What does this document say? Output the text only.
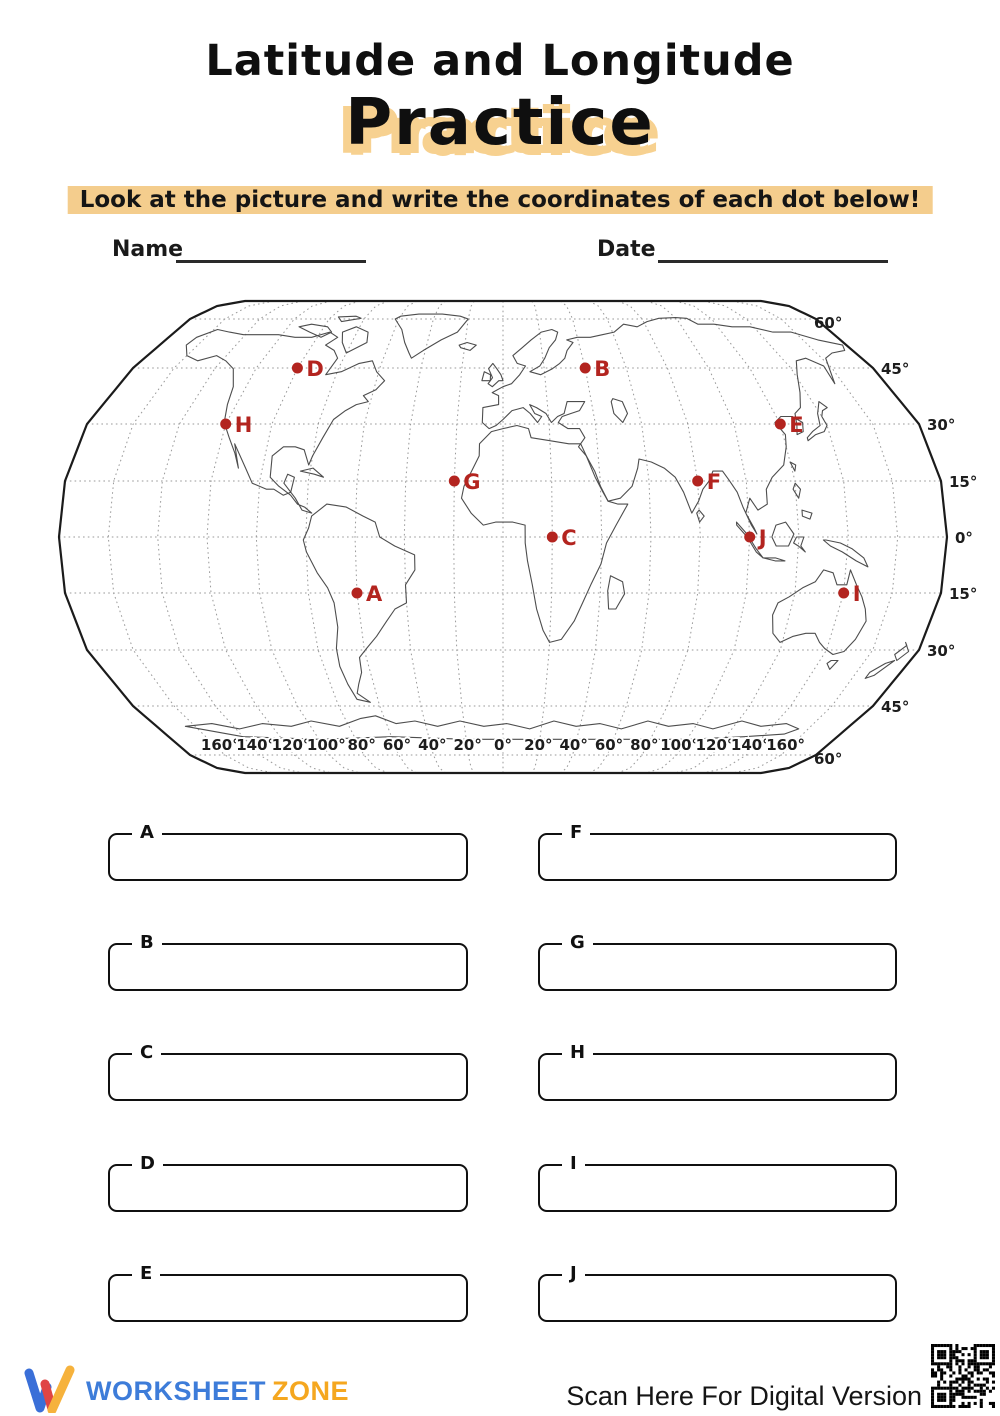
Latitude and Longitude
Practice
Look at the picture and write the coordinates of each dot below!
Name	Date
60°
45°
30°
15°
0°
15°
30°
45°
60°
160°
140°
120°
100° 80° 60° 40° 20° 0° 20° 40° 60° 80° 100°
120°
140°
160°
A
B
C
D
E
F
G
H
I
J
A	F
B	G
C	H
D	I
E	J
WORKSHEET ZONE	Scan Here For Digital Version
